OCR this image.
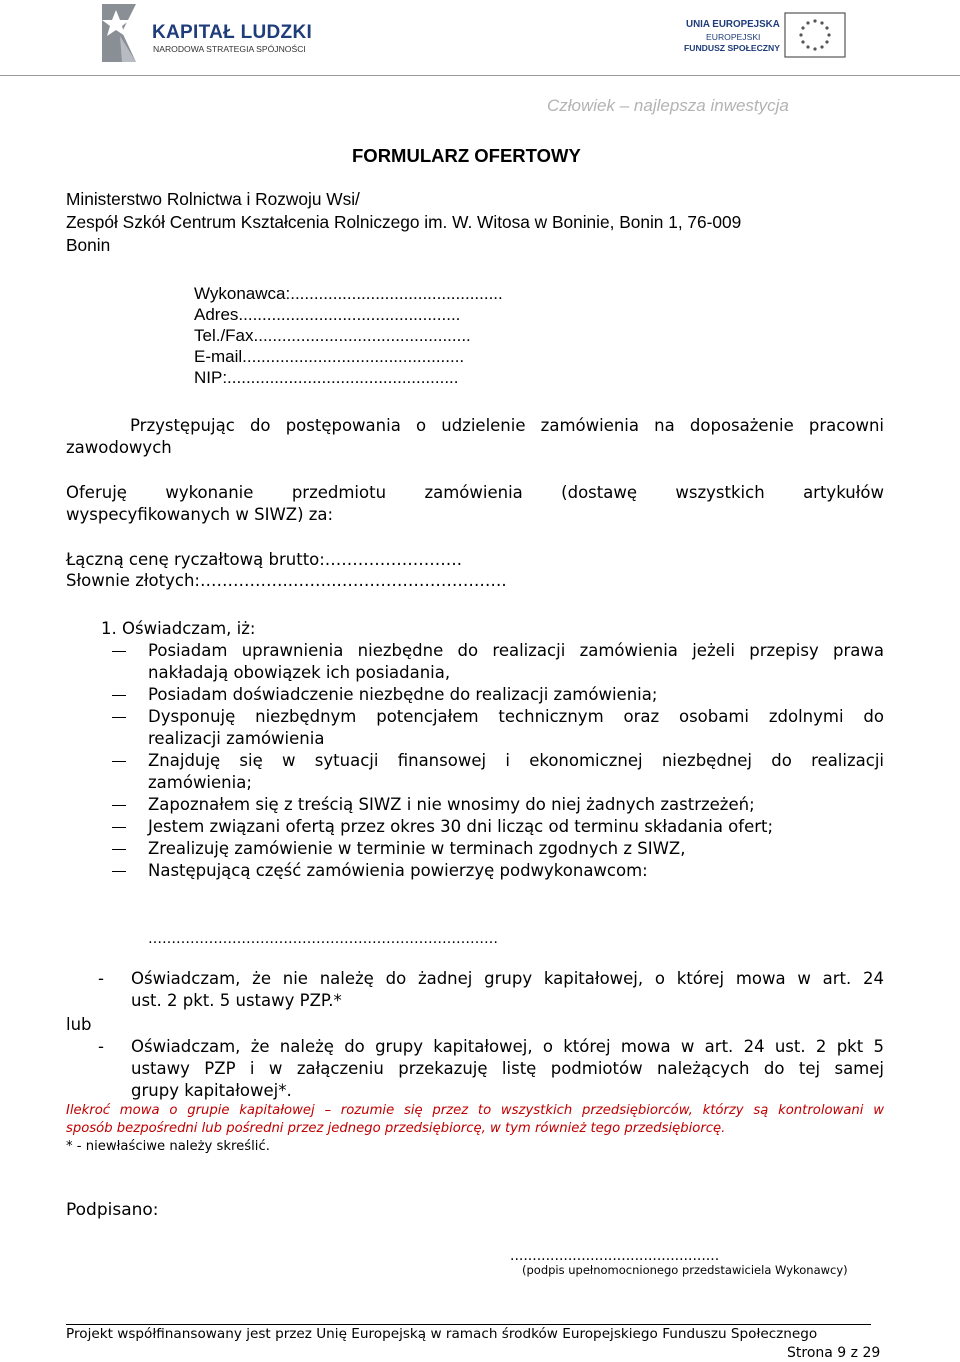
KAPITAŁ LUDZKI
NARODOWA STRATEGIA SPÓJNOŚCI
UNIA EUROPEJSKA
EUROPEJSKI
FUNDUSZ SPOŁECZNY
Człowiek – najlepsza inwestycja
FORMULARZ OFERTOWY
Ministerstwo Rolnictwa i Rozwoju Wsi/
Zespół Szkół Centrum Kształcenia Rolniczego im. W. Witosa w Boninie, Bonin 1, 76-009
Bonin
Wykonawca:.............................................
Adres...............................................
Tel./Fax..............................................
E-mail...............................................
NIP:.................................................
Przystępując do postępowania o udzielenie zamówienia na doposażenie pracowni
zawodowych
Oferuję wykonanie przedmiotu zamówienia (dostawę wszystkich artykułów
wyspecyfikowanych w SIWZ) za:
Łączną cenę ryczałtową brutto:…………………….
Słownie złotych:……………..……..………………………….
1. Oświadczam, iż:
Posiadam uprawnienia niezbędne do realizacji zamówienia jeżeli przepisy prawa
nakładają obowiązek ich posiadania,
Posiadam doświadczenie niezbędne do realizacji zamówienia;
Dysponuję niezbędnym potencjałem technicznym oraz osobami zdolnymi do
realizacji zamówienia
Znajduję się w sytuacji finansowej i ekonomicznej niezbędnej do realizacji
zamówienia;
Zapoznałem się z treścią SIWZ i nie wnosimy do niej żadnych zastrzeżeń;
Jestem związani ofertą przez okres 30 dni licząc od terminu składania ofert;
Zrealizuję zamówienie w terminie w terminach zgodnych z SIWZ,
Następującą część zamówienia powierzyę podwykonawcom:
…………………………………………………………………
- Oświadczam, że nie należę do żadnej grupy kapitałowej, o której mowa w art. 24
ust. 2 pkt. 5 ustawy PZP.*
lub
- Oświadczam, że należę do grupy kapitałowej, o której mowa w art. 24 ust. 2 pkt 5
ustawy PZP i w załączeniu przekazuję listę podmiotów należących do tej samej
grupy kapitałowej*.
Ilekroć mowa o grupie kapitałowej – rozumie się przez to wszystkich przedsiębiorców, którzy są kontrolowani w
sposób bezpośredni lub pośredni przez jednego przedsiębiorcę, w tym również tego przedsiębiorcę.
* - niewłaściwe należy skreślić.
Podpisano:
...............................................
(podpis upełnomocnionego przedstawiciela Wykonawcy)
Projekt współfinansowany jest przez Unię Europejską w ramach środków Europejskiego Funduszu Społecznego
Strona 9 z 29
